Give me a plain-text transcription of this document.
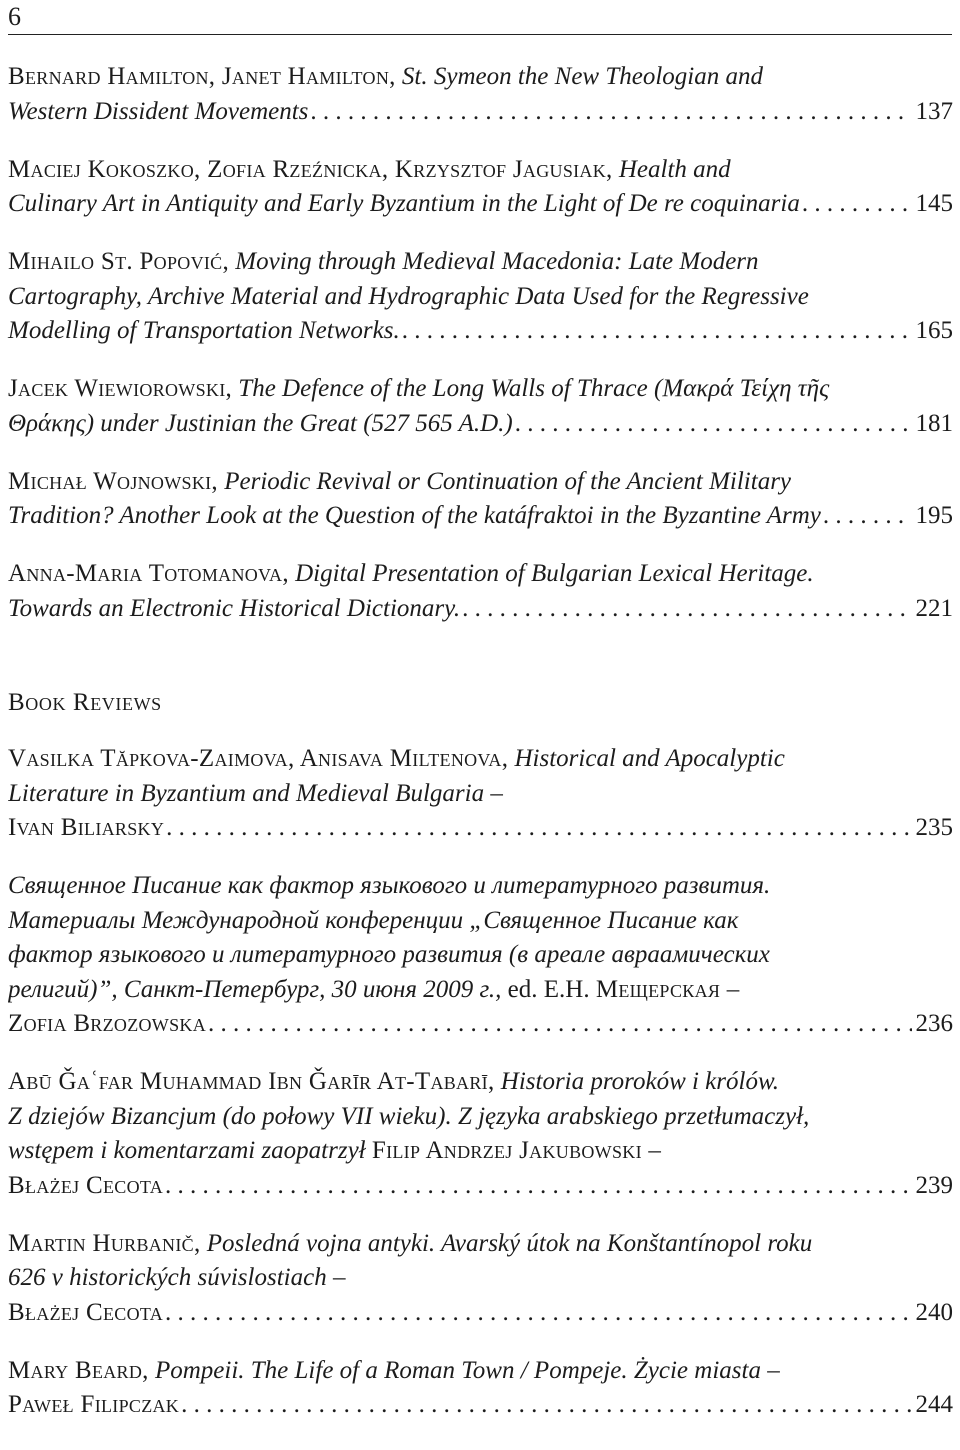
6
Bernard Hamilton, Janet Hamilton, St. Symeon the New Theologian and
Western Dissident Movements . . .	137
Maciej Kokoszko, Zofia Rzeźnicka, Krzysztof Jagusiak, Health and
Culinary Art in Antiquity and Early Byzantium in the Light of De re coquinaria . . .	145
Mihailo St. Popović, Moving through Medieval Macedonia: Late Modern
Cartography, Archive Material and Hydrographic Data Used for the Regressive
Modelling of Transportation Networks. . . .	165
Jacek Wiewiorowski, The Defence of the Long Walls of Thrace (Μακρά Τείχη τῆς
Θράκης) under Justinian the Great (527 565 A.D.) . . .	181
Michał Wojnowski, Periodic Revival or Continuation of the Ancient Military
Tradition? Another Look at the Question of the katáfraktoi in the Byzantine Army . . .	195
Anna-Maria Totomanova, Digital Presentation of Bulgarian Lexical Heritage.
Towards an Electronic Historical Dictionary. . . .	221
Book Reviews
Vasilka Tăpkova-Zaimova, Anisava Miltenova, Historical and Apocalyptic
Literature in Byzantium and Medieval Bulgaria –
Ivan Biliarsky . . .	235
Священное Писание как фактор языкового и литературного развития.
Материалы Международной конференции „Священное Писание как
фактор языкового и литературного развития (в ареале авраамических
религий)”, Санкт-Петербург, 30 июня 2009 г., ed. Е.Н. Мещерская –
Zofia Brzozowska . . .	236
Abū Ǧaʿfar Muhammad Ibn Ǧarīr At-Tabarī, Historia proroków i królów.
Z dziejów Bizancjum (do połowy VII wieku). Z języka arabskiego przetłumaczył,
wstępem i komentarzami zaopatrzył Filip Andrzej Jakubowski –
Błażej Cecota . . .	239
Martin Hurbanič, Posledná vojna antyki. Avarský útok na Konštantínopol roku
626 v historických súvislostiach –
Błażej Cecota . . .	240
Mary Beard, Pompeii. The Life of a Roman Town / Pompeje. Życie miasta –
Paweł Filipczak . . .	244
